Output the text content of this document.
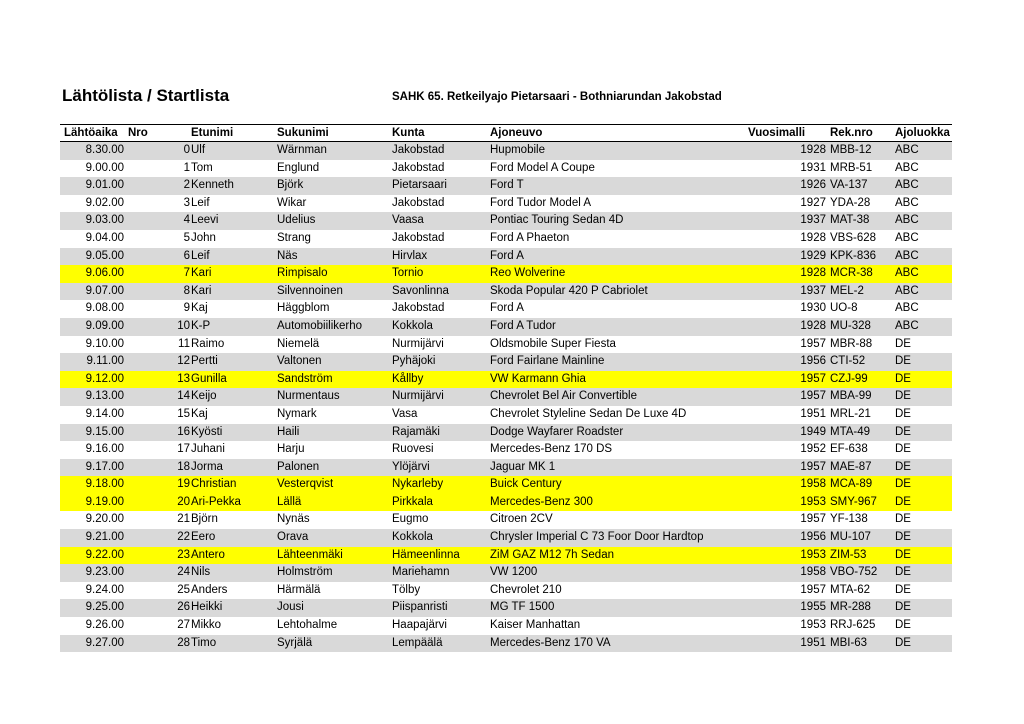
Lähtölista / Startlista	SAHK 65. Retkeilyajo Pietarsaari - Bothniarundan Jakobstad
Lähtöaika Nro	Etunimi	Sukunimi	Kunta	Ajoneuvo	Vuosimalli	Rek.nro	Ajoluokka
8.30.00	0 Ulf	Wärnman	Jakobstad	Hupmobile	1928 MBB-12	ABC
9.00.00	1 Tom	Englund	Jakobstad	Ford Model A Coupe	1931 MRB-51	ABC
9.01.00	2 Kenneth	Björk	Pietarsaari	Ford T	1926 VA-137	ABC
9.02.00	3 Leif	Wikar	Jakobstad	Ford Tudor Model A	1927 YDA-28	ABC
9.03.00	4 Leevi	Udelius	Vaasa	Pontiac Touring Sedan 4D	1937 MAT-38	ABC
9.04.00	5 John	Strang	Jakobstad	Ford A Phaeton	1928 VBS-628	ABC
9.05.00	6 Leif	Näs	Hirvlax	Ford A	1929 KPK-836	ABC
9.06.00	7 Kari	Rimpisalo	Tornio	Reo Wolverine	1928 MCR-38	ABC
9.07.00	8 Kari	Silvennoinen	Savonlinna	Skoda Popular 420 P Cabriolet	1937 MEL-2	ABC
9.08.00	9 Kaj	Häggblom	Jakobstad	Ford A	1930 UO-8	ABC
9.09.00	10 K-P	Automobiilikerho	Kokkola	Ford A Tudor	1928 MU-328	ABC
9.10.00	11 Raimo	Niemelä	Nurmijärvi	Oldsmobile Super Fiesta	1957 MBR-88	DE
9.11.00	12 Pertti	Valtonen	Pyhäjoki	Ford Fairlane Mainline	1956 CTI-52	DE
9.12.00	13 Gunilla	Sandström	Kållby	VW Karmann Ghia	1957 CZJ-99	DE
9.13.00	14 Keijo	Nurmentaus	Nurmijärvi	Chevrolet Bel Air Convertible	1957 MBA-99	DE
9.14.00	15 Kaj	Nymark	Vasa	Chevrolet Styleline Sedan De Luxe 4D	1951 MRL-21	DE
9.15.00	16 Kyösti	Haili	Rajamäki	Dodge Wayfarer Roadster	1949 MTA-49	DE
9.16.00	17 Juhani	Harju	Ruovesi	Mercedes-Benz 170 DS	1952 EF-638	DE
9.17.00	18 Jorma	Palonen	Ylöjärvi	Jaguar MK 1	1957 MAE-87	DE
9.18.00	19 Christian	Vesterqvist	Nykarleby	Buick Century	1958 MCA-89	DE
9.19.00	20 Ari-Pekka	Lällä	Pirkkala	Mercedes-Benz 300	1953 SMY-967	DE
9.20.00	21 Björn	Nynäs	Eugmo	Citroen 2CV	1957 YF-138	DE
9.21.00	22 Eero	Orava	Kokkola	Chrysler Imperial C 73 Foor Door Hardtop	1956 MU-107	DE
9.22.00	23 Antero	Lähteenmäki	Hämeenlinna	ZiM GAZ M12 7h Sedan	1953 ZIM-53	DE
9.23.00	24 Nils	Holmström	Mariehamn	VW 1200	1958 VBO-752	DE
9.24.00	25 Anders	Härmälä	Tölby	Chevrolet 210	1957 MTA-62	DE
9.25.00	26 Heikki	Jousi	Piispanristi	MG TF 1500	1955 MR-288	DE
9.26.00	27 Mikko	Lehtohalme	Haapajärvi	Kaiser Manhattan	1953 RRJ-625	DE
9.27.00	28 Timo	Syrjälä	Lempäälä	Mercedes-Benz 170 VA	1951 MBI-63	DE
